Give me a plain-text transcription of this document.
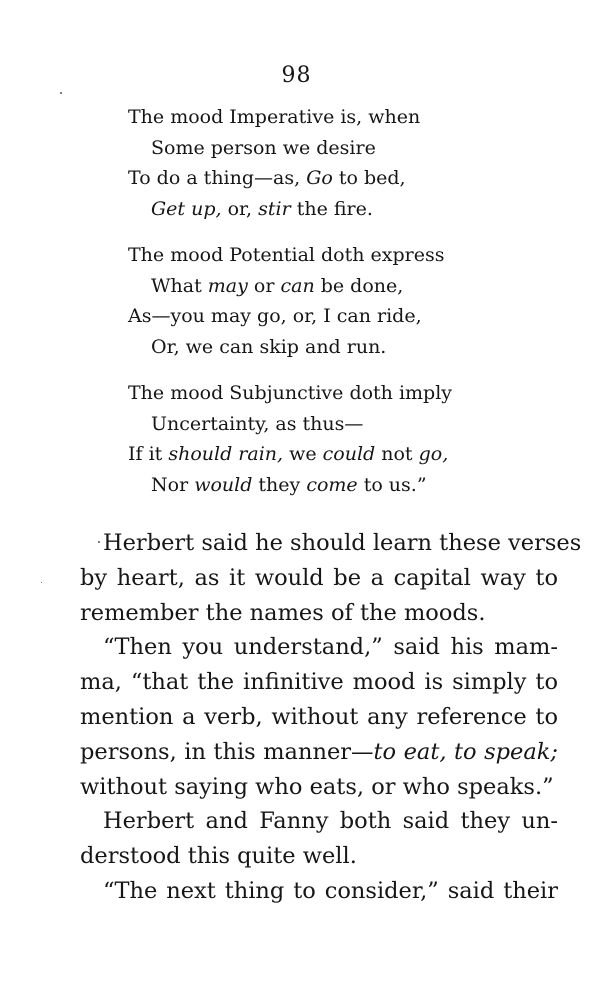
98
The mood Imperative is, when
Some person we desire
To do a thing—as, Go to bed,
Get up, or, stir the fire.
The mood Potential doth express
What may or can be done,
As—you may go, or, I can ride,
Or, we can skip and run.
The mood Subjunctive doth imply
Uncertainty, as thus—
If it should rain, we could not go,
Nor would they come to us.”
Herbert said he should learn these verses
by heart, as it would be a capital way to
remember the names of the moods.
“Then you understand,” said his mam-
ma, “that the infinitive mood is simply to
mention a verb, without any reference to
persons, in this manner—to eat, to speak;
without saying who eats, or who speaks.”
Herbert and Fanny both said they un-
derstood this quite well.
“The next thing to consider,” said their
